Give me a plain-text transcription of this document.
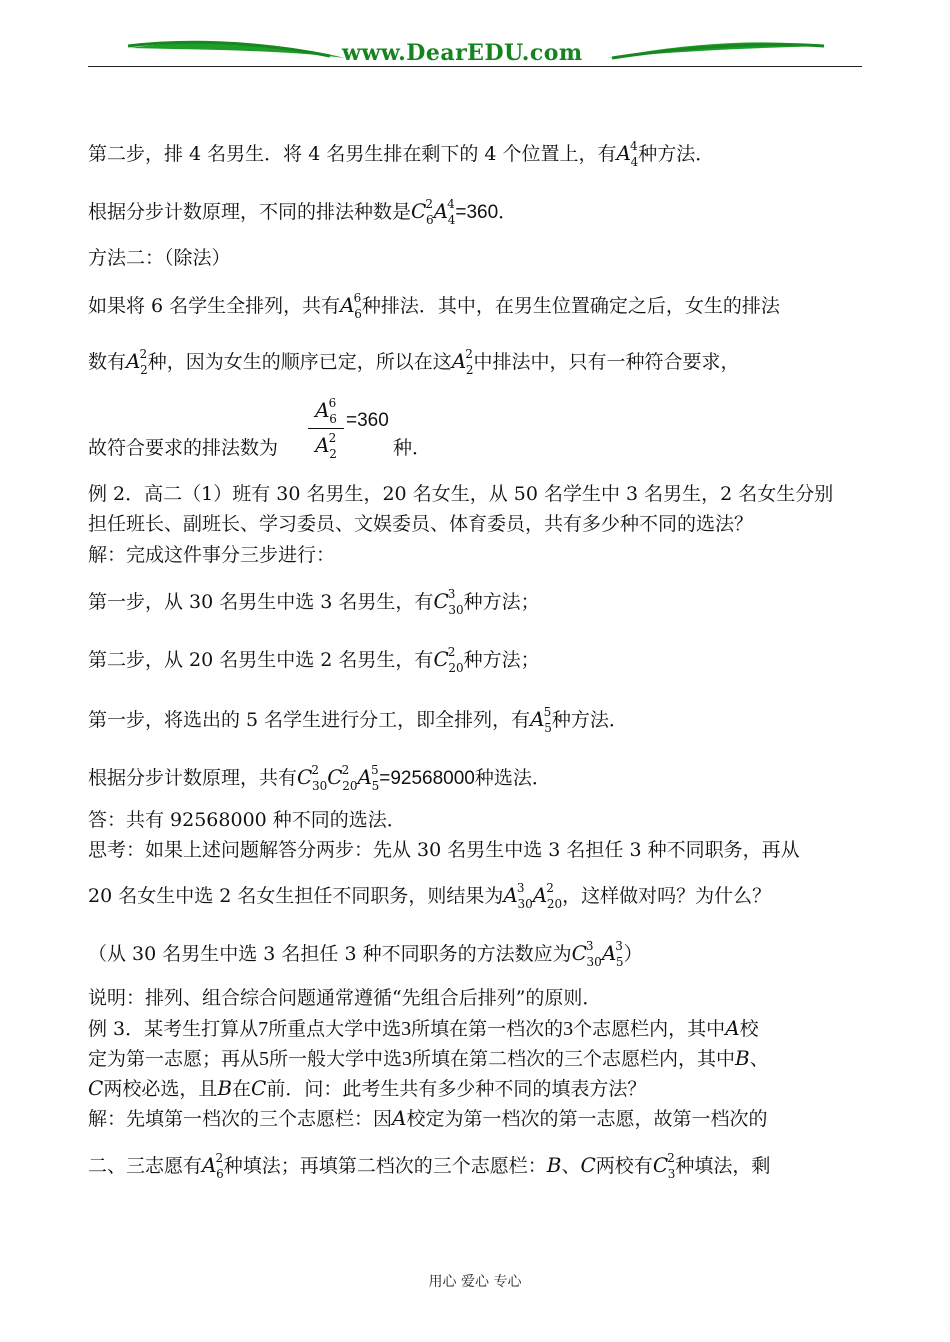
www.DearEDU.com
第二步，排 4 名男生．将 4 名男生排在剩下的 4 个位置上，有$A^4_4$种方法．
根据分步计数原理，不同的排法种数是$C^2_6A^4_4=360$．
方法二：（除法）
如果将 6 名学生全排列，共有$A^6_6$种排法．其中，在男生位置确定之后，女生的排法
数有$A^2_2$种，因为女生的顺序已定，所以在这$A^2_2$中排法中，只有一种符合要求，
$A^6_6$
$A^2_2$
=360
故符合要求的排法数为	种．
例 2．高二（1）班有 30 名男生，20 名女生，从 50 名学生中 3 名男生，2 名女生分别
担任班长、副班长、学习委员、文娱委员、体育委员，共有多少种不同的选法？
解：完成这件事分三步进行：
第一步，从 30 名男生中选 3 名男生，有$C^3_{30}$种方法；
第二步，从 20 名男生中选 2 名男生，有$C^2_{20}$种方法；
第一步，将选出的 5 名学生进行分工，即全排列，有$A^5_5$种方法．
根据分步计数原理，共有$C^2_{30}C^2_{20}A^5_5=92568000$种选法．
答：共有 92568000 种不同的选法．
思考：如果上述问题解答分两步：先从 30 名男生中选 3 名担任 3 种不同职务，再从
20 名女生中选 2 名女生担任不同职务，则结果为$A^3_{30}A^2_{20}$，这样做对吗？为什么？
（从 30 名男生中选 3 名担任 3 种不同职务的方法数应为$C^3_{30}A^3_5$）
说明：排列、组合综合问题通常遵循“先组合后排列”的原则．
例 3．某考生打算从7所重点大学中选3所填在第一档次的3个志愿栏内，其中A校
定为第一志愿；再从5所一般大学中选3所填在第二档次的三个志愿栏内，其中B、
C两校必选，且B在C前．问：此考生共有多少种不同的填表方法？
解：先填第一档次的三个志愿栏：因A校定为第一档次的第一志愿，故第一档次的
二、三志愿有$A^2_6$种填法；再填第二档次的三个志愿栏：B、C两校有$C^2_3$种填法，剩
用心 爱心 专心
